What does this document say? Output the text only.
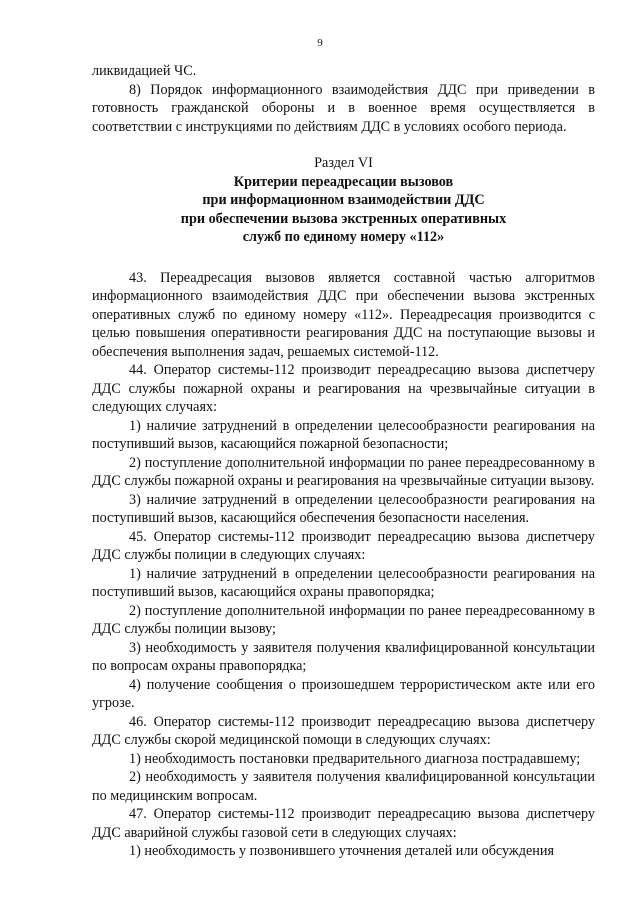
9

ликвидацией ЧС.

8) Порядок информационного взаимодействия ДДС при приведении в готовность гражданской обороны и в военное время осуществляется в соответствии с инструкциями по действиям ДДС в условиях особого периода.

Раздел VI

Критерии переадресации вызовов

при информационном взаимодействии ДДС

при обеспечении вызова экстренных оперативных

служб по единому номеру «112»

43. Переадресация вызовов является составной частью алгоритмов информационного взаимодействия ДДС при обеспечении вызова экстренных оперативных служб по единому номеру «112». Переадресация производится с целью повышения оперативности реагирования ДДС на поступающие вызовы и обеспечения выполнения задач, решаемых системой-112.

44. Оператор системы-112 производит переадресацию вызова диспетчеру ДДС службы пожарной охраны и реагирования на чрезвычайные ситуации в следующих случаях:

1) наличие затруднений в определении целесообразности реагирования на поступивший вызов, касающийся пожарной безопасности;

2) поступление дополнительной информации по ранее переадресованному в ДДС службы пожарной охраны и реагирования на чрезвычайные ситуации вызову.

3) наличие затруднений в определении целесообразности реагирования на поступивший вызов, касающийся обеспечения безопасности населения.

45. Оператор системы-112 производит переадресацию вызова диспетчеру ДДС службы полиции в следующих случаях:

1) наличие затруднений в определении целесообразности реагирования на поступивший вызов, касающийся охраны правопорядка;

2) поступление дополнительной информации по ранее переадресованному в ДДС службы полиции вызову;

3) необходимость у заявителя получения квалифицированной консультации по вопросам охраны правопорядка;

4) получение сообщения о произошедшем террористическом акте или его угрозе.

46. Оператор системы-112 производит переадресацию вызова диспетчеру ДДС службы скорой медицинской помощи в следующих случаях:

1) необходимость постановки предварительного диагноза пострадавшему;

2) необходимость у заявителя получения квалифицированной консультации по медицинским вопросам.

47. Оператор системы-112 производит переадресацию вызова диспетчеру ДДС аварийной службы газовой сети в следующих случаях:

1) необходимость у позвонившего уточнения деталей или обсуждения
